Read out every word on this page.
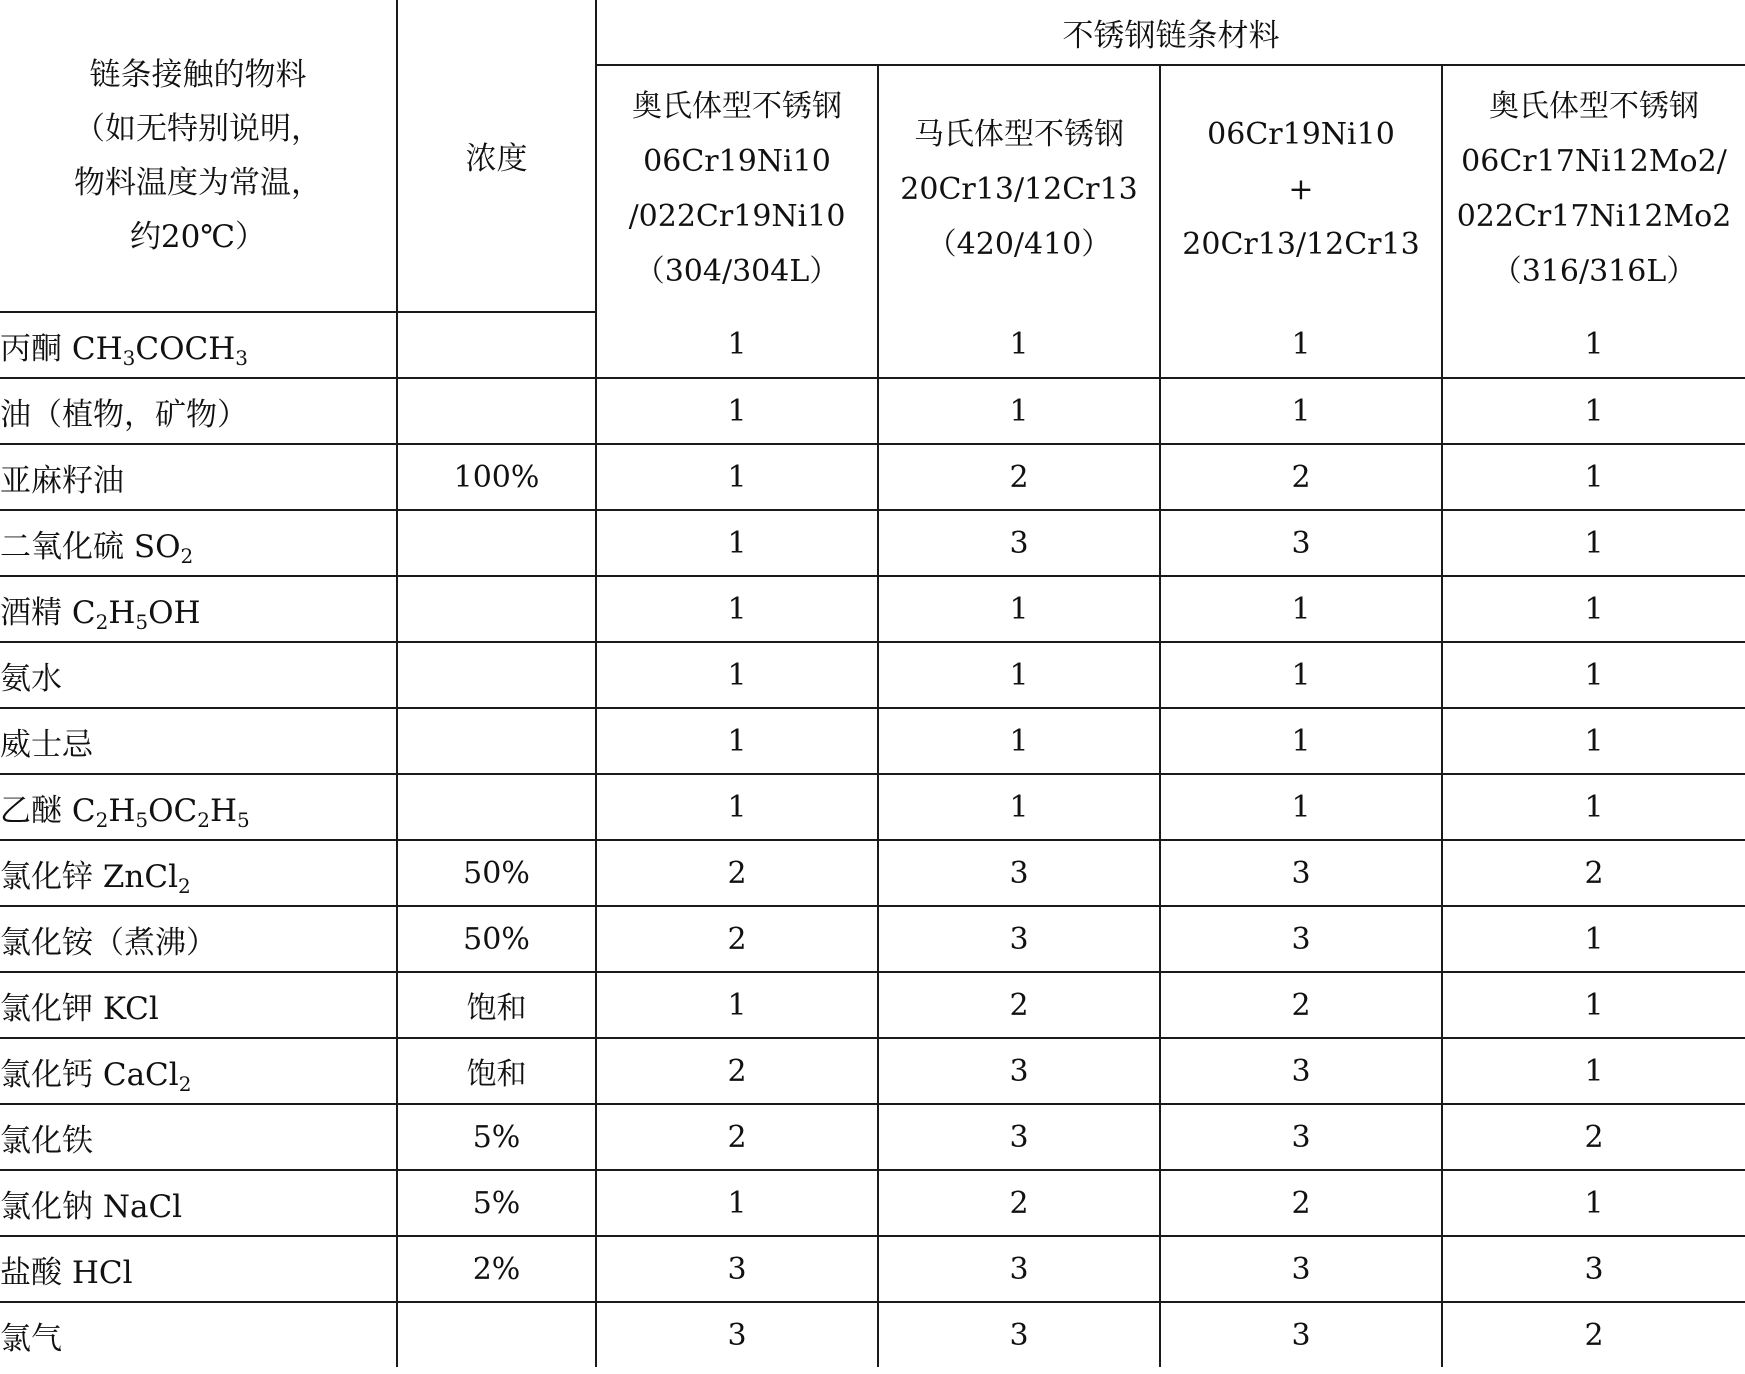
链条接触的物料
（如无特别说明，
物料温度为常温，
约20℃）	浓度	不锈钢链条材料			

		奥氏体型不锈钢
06Cr19Ni10
/022Cr19Ni10
（304/304L）	马氏体型不锈钢
20Cr13/12Cr13
（420/410）	06Cr19Ni10
+
20Cr13/12Cr13	奥氏体型不锈钢
06Cr17Ni12Mo2/
022Cr17Ni12Mo2
（316/316L）

丙酮 $CH_3COCH_3$		1	1	1	1
油（植物，矿物）		1	1	1	1
亚麻籽油	100%	1	2	2	1
二氧化硫 $SO_2$		1	3	3	1
酒精 $C_2H_5OH$		1	1	1	1
氨水		1	1	1	1
威士忌		1	1	1	1
乙醚 $C_2H_5OC_2H_5$		1	1	1	1
氯化锌 ZnCl$_2$	50%	2	3	3	2
氯化铵（煮沸）	50%	2	3	3	1
氯化钾 KCl	饱和	1	2	2	1
氯化钙 CaCl$_2$	饱和	2	3	3	1
氯化铁	5%	2	3	3	2
氯化钠 NaCl	5%	1	2	2	1
盐酸 HCl	2%	3	3	3	3
氯气		3	3	3	2
